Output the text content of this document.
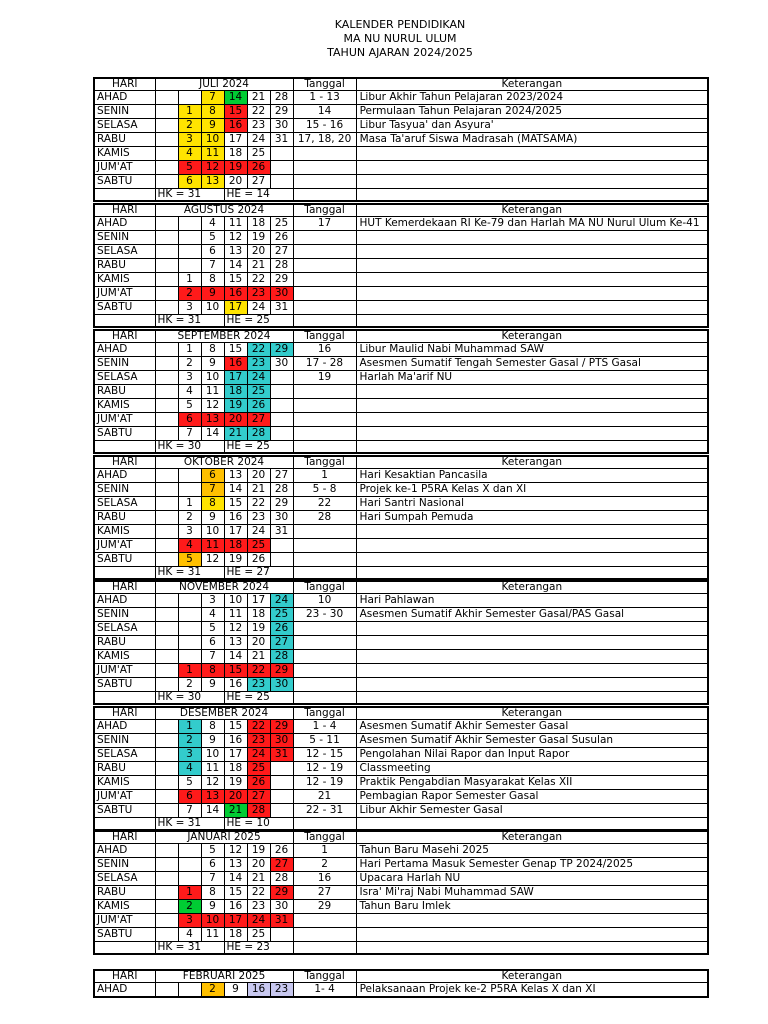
KALENDER PENDIDIKAN
MA NU NURUL ULUM
TAHUN AJARAN 2024/2025
HARI	JULI 2024						Tanggal	Keterangan
AHAD			7	14	21	28	1 - 13	Libur Akhir Tahun Pelajaran 2023/2024
SENIN		1	8	15	22	29	14	Permulaan Tahun Pelajaran 2024/2025
SELASA		2	9	16	23	30	15 - 16	Libur Tasyua' dan Asyura'
RABU		3	10	17	24	31	17, 18, 20	Masa Ta'aruf Siswa Madrasah (MATSAMA)
KAMIS		4	11	18	25			
JUM'AT		5	12	19	26			
SABTU		6	13	20	27			
	HK = 31			HE = 14				
HARI	AGUSTUS 2024						Tanggal	Keterangan
AHAD			4	11	18	25	17	HUT Kemerdekaan RI Ke-79 dan Harlah MA NU Nurul Ulum Ke-41
SENIN			5	12	19	26		
SELASA			6	13	20	27		
RABU			7	14	21	28		
KAMIS		1	8	15	22	29		
JUM'AT		2	9	16	23	30		
SABTU		3	10	17	24	31		
	HK = 31			HE = 25				
HARI	SEPTEMBER 2024						Tanggal	Keterangan
AHAD		1	8	15	22	29	16	Libur Maulid Nabi Muhammad SAW
SENIN		2	9	16	23	30	17 - 28	Asesmen Sumatif Tengah Semester Gasal / PTS Gasal
SELASA		3	10	17	24		19	Harlah Ma'arif NU
RABU		4	11	18	25			
KAMIS		5	12	19	26			
JUM'AT		6	13	20	27			
SABTU		7	14	21	28			
	HK = 30			HE = 25				
HARI	OKTOBER 2024						Tanggal	Keterangan
AHAD			6	13	20	27	1	Hari Kesaktian Pancasila
SENIN			7	14	21	28	5 - 8	Projek ke-1 P5RA Kelas X dan XI
SELASA		1	8	15	22	29	22	Hari Santri Nasional
RABU		2	9	16	23	30	28	Hari Sumpah Pemuda
KAMIS		3	10	17	24	31		
JUM'AT		4	11	18	25			
SABTU		5	12	19	26			
	HK = 31			HE = 27				
HARI	NOVEMBER 2024						Tanggal	Keterangan
AHAD			3	10	17	24	10	Hari Pahlawan
SENIN			4	11	18	25	23 - 30	Asesmen Sumatif Akhir Semester Gasal/PAS Gasal
SELASA			5	12	19	26		
RABU			6	13	20	27		
KAMIS			7	14	21	28		
JUM'AT		1	8	15	22	29		
SABTU		2	9	16	23	30		
	HK = 30			HE = 25				
HARI	DESEMBER 2024						Tanggal	Keterangan
AHAD		1	8	15	22	29	1 - 4	Asesmen Sumatif Akhir Semester Gasal
SENIN		2	9	16	23	30	5 - 11	Asesmen Sumatif Akhir Semester Gasal Susulan
SELASA		3	10	17	24	31	12 - 15	Pengolahan Nilai Rapor dan Input Rapor
RABU		4	11	18	25		12 - 19	Classmeeting
KAMIS		5	12	19	26		12 - 19	Praktik Pengabdian Masyarakat Kelas XII
JUM'AT		6	13	20	27		21	Pembagian Rapor Semester Gasal
SABTU		7	14	21	28		22 - 31	Libur Akhir Semester Gasal
	HK = 31			HE = 10				
HARI	JANUARI 2025						Tanggal	Keterangan
AHAD			5	12	19	26	1	Tahun Baru Masehi 2025
SENIN			6	13	20	27	2	Hari Pertama Masuk Semester Genap TP 2024/2025
SELASA			7	14	21	28	16	Upacara Harlah NU
RABU		1	8	15	22	29	27	Isra' Mi'raj Nabi Muhammad SAW
KAMIS		2	9	16	23	30	29	Tahun Baru Imlek
JUM'AT		3	10	17	24	31		
SABTU		4	11	18	25			
	HK = 31			HE = 23				
HARI	FEBRUARI 2025						Tanggal	Keterangan
AHAD			2	9	16	23	1- 4	Pelaksanaan Projek ke-2 P5RA Kelas X dan XI
